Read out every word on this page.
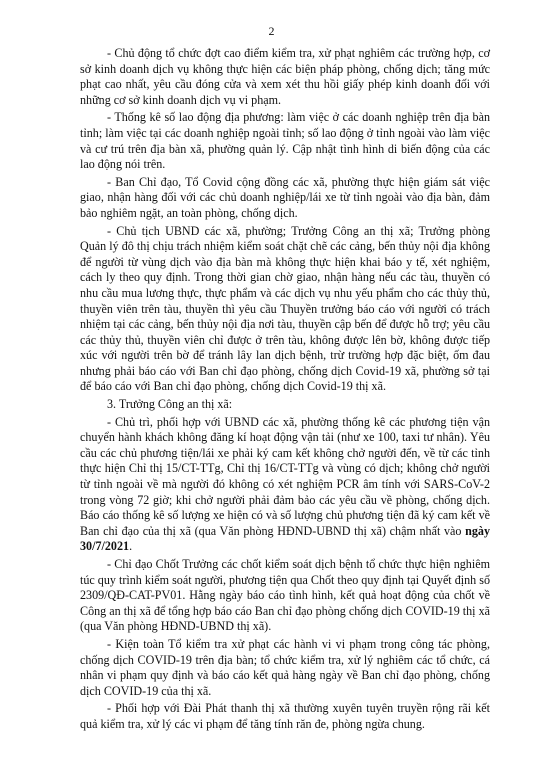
2

- Chủ động tổ chức đợt cao điểm kiểm tra, xử phạt nghiêm các trường hợp, cơ sở kinh doanh dịch vụ không thực hiện các biện pháp phòng, chống dịch; tăng mức phạt cao nhất, yêu cầu đóng cửa và xem xét thu hồi giấy phép kinh doanh đối với những cơ sở kinh doanh dịch vụ vi phạm.

- Thống kê số lao động địa phương: làm việc ở các doanh nghiệp trên địa bàn tỉnh; làm việc tại các doanh nghiệp ngoài tỉnh; số lao động ở tỉnh ngoài vào làm việc và cư trú trên địa bàn xã, phường quản lý. Cập nhật tình hình di biến động của các lao động nói trên.

- Ban Chỉ đạo, Tổ Covid cộng đồng các xã, phường thực hiện giám sát việc giao, nhận hàng đối với các chủ doanh nghiệp/lái xe từ tỉnh ngoài vào địa bàn, đảm bảo nghiêm ngặt, an toàn phòng, chống dịch.

- Chủ tịch UBND các xã, phường; Trưởng Công an thị xã; Trưởng phòng Quản lý đô thị chịu trách nhiệm kiểm soát chặt chẽ các cảng, bến thủy nội địa không để người từ vùng dịch vào địa bàn mà không thực hiện khai báo y tế, xét nghiệm, cách ly theo quy định. Trong thời gian chờ giao, nhận hàng nếu các tàu, thuyền có nhu cầu mua lương thực, thực phẩm và các dịch vụ nhu yếu phẩm cho các thủy thủ, thuyền viên trên tàu, thuyền thì yêu cầu Thuyền trưởng báo cáo với người có trách nhiệm tại các cảng, bến thủy nội địa nơi tàu, thuyền cập bến để được hỗ trợ; yêu cầu các thủy thủ, thuyền viên chỉ được ở trên tàu, không được lên bờ, không được tiếp xúc với người trên bờ để tránh lây lan dịch bệnh, trừ trường hợp đặc biệt, ốm đau nhưng phải báo cáo với Ban chỉ đạo phòng, chống dịch Covid-19 xã, phường sở tại để báo cáo với Ban chỉ đạo phòng, chống dịch Covid-19 thị xã.

3. Trưởng Công an thị xã:

- Chủ trì, phối hợp với UBND các xã, phường thống kê các phương tiện vận chuyển hành khách không đăng kí hoạt động vận tải (như xe 100, taxi tư nhân). Yêu cầu các chủ phương tiện/lái xe phải ký cam kết không chở người đến, về từ các tỉnh thực hiện Chỉ thị 15/CT-TTg, Chỉ thị 16/CT-TTg và vùng có dịch; không chở người từ tỉnh ngoài về mà người đó không có xét nghiệm PCR âm tính với SARS-CoV-2 trong vòng 72 giờ; khi chở người phải đảm bảo các yêu cầu về phòng, chống dịch. Báo cáo thống kê số lượng xe hiện có và số lượng chủ phương tiện đã ký cam kết về Ban chỉ đạo của thị xã (qua Văn phòng HĐND-UBND thị xã) chậm nhất vào ngày 30/7/2021.

- Chỉ đạo Chốt Trưởng các chốt kiểm soát dịch bệnh tổ chức thực hiện nghiêm túc quy trình kiểm soát người, phương tiện qua Chốt theo quy định tại Quyết định số 2309/QĐ-CAT-PV01. Hằng ngày báo cáo tình hình, kết quả hoạt động của chốt về Công an thị xã để tổng hợp báo cáo Ban chỉ đạo phòng chống dịch COVID-19 thị xã (qua Văn phòng HĐND-UBND thị xã).

- Kiện toàn Tổ kiểm tra xử phạt các hành vi vi phạm trong công tác phòng, chống dịch COVID-19 trên địa bàn; tổ chức kiểm tra, xử lý nghiêm các tổ chức, cá nhân vi phạm quy định và báo cáo kết quả hàng ngày về Ban chỉ đạo phòng, chống dịch COVID-19 của thị xã.

- Phối hợp với Đài Phát thanh thị xã thường xuyên tuyên truyền rộng rãi kết quả kiểm tra, xử lý các vi phạm để tăng tính răn đe, phòng ngừa chung.
